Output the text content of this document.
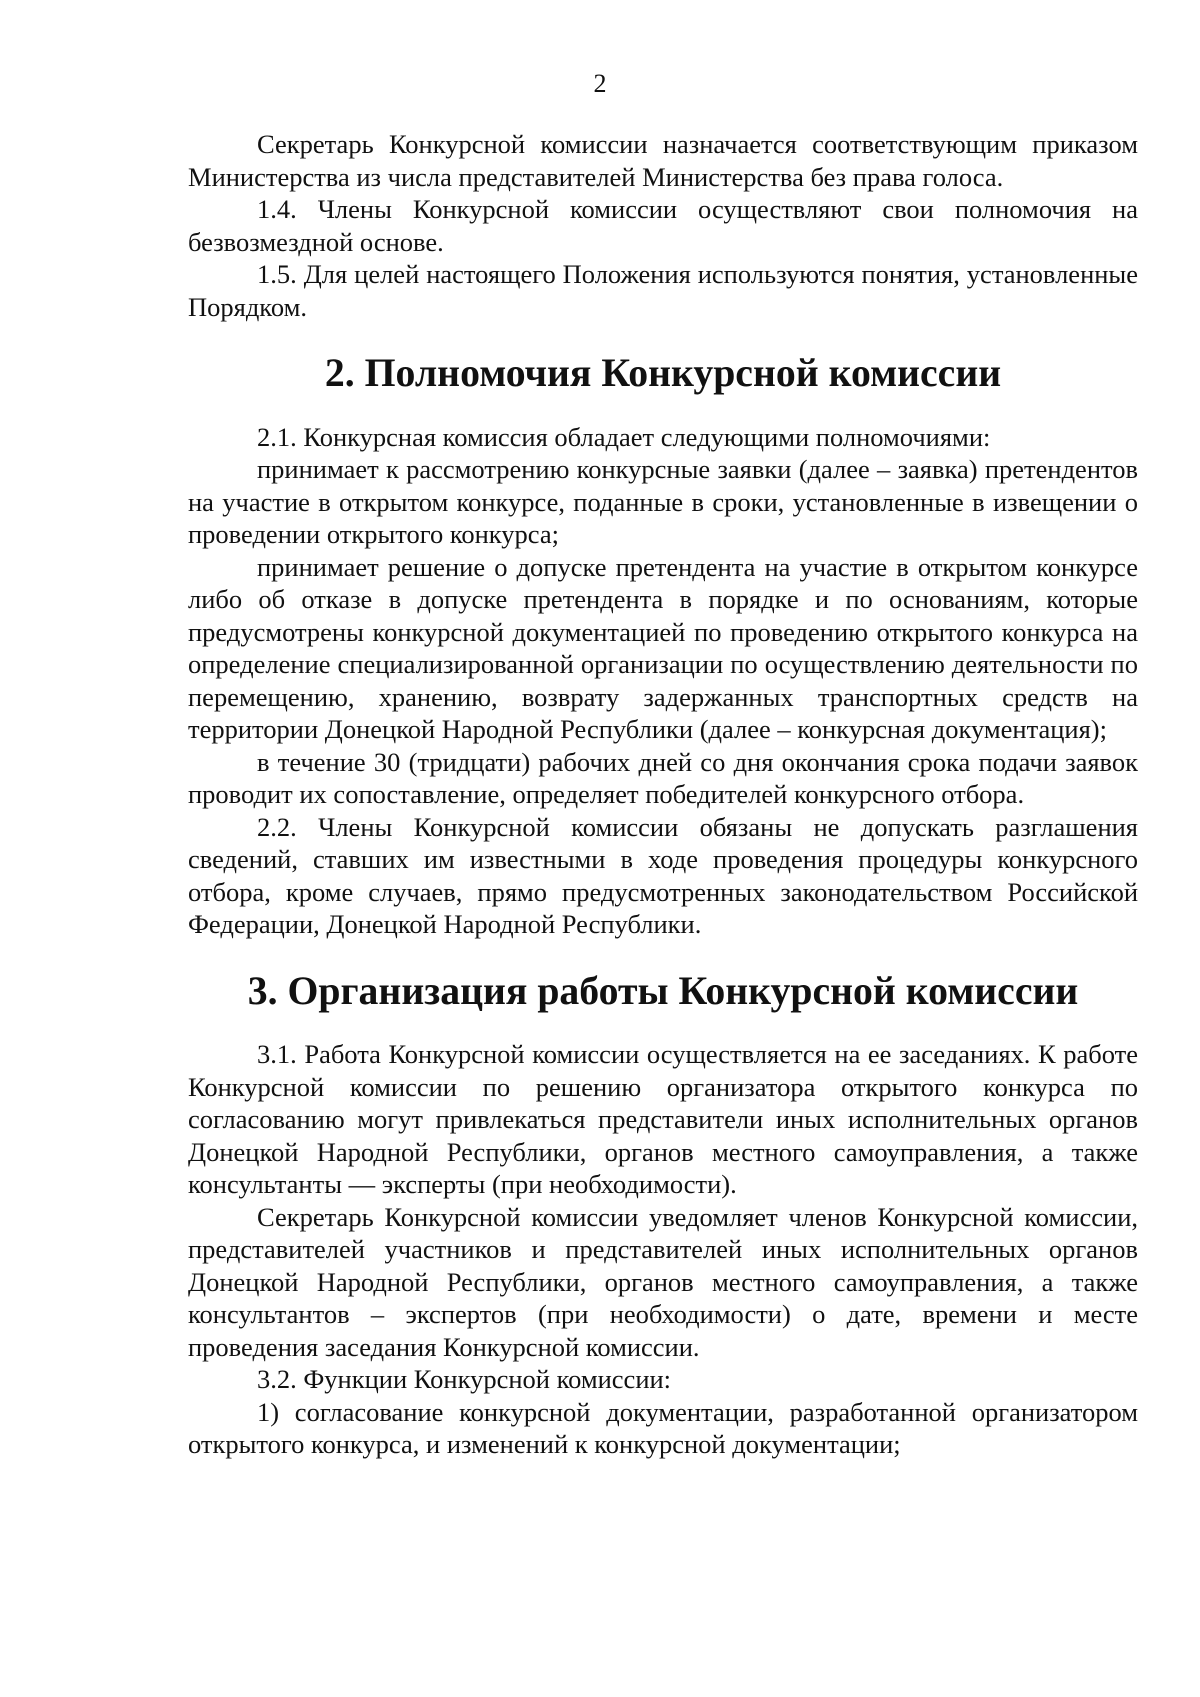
2

Секретарь Конкурсной комиссии назначается соответствующим приказом Министерства из числа представителей Министерства без права голоса.

1.4. Члены Конкурсной комиссии осуществляют свои полномочия на безвозмездной основе.

1.5. Для целей настоящего Положения используются понятия, установленные Порядком.

2. Полномочия Конкурсной комиссии

2.1. Конкурсная комиссия обладает следующими полномочиями:

принимает к рассмотрению конкурсные заявки (далее – заявка) претендентов на участие в открытом конкурсе, поданные в сроки, установленные в извещении о проведении открытого конкурса;

принимает решение о допуске претендента на участие в открытом конкурсе либо об отказе в допуске претендента в порядке и по основаниям, которые предусмотрены конкурсной документацией по проведению открытого конкурса на определение специализированной организации по осуществлению деятельности по перемещению, хранению, возврату задержанных транспортных средств на территории Донецкой Народной Республики (далее – конкурсная документация);

в течение 30 (тридцати) рабочих дней со дня окончания срока подачи заявок проводит их сопоставление, определяет победителей конкурсного отбора.

2.2. Члены Конкурсной комиссии обязаны не допускать разглашения сведений, ставших им известными в ходе проведения процедуры конкурсного отбора, кроме случаев, прямо предусмотренных законодательством Российской Федерации, Донецкой Народной Республики.

3. Организация работы Конкурсной комиссии

3.1. Работа Конкурсной комиссии осуществляется на ее заседаниях. К работе Конкурсной комиссии по решению организатора открытого конкурса по согласованию могут привлекаться представители иных исполнительных органов Донецкой Народной Республики, органов местного самоуправления, а также консультанты — эксперты (при необходимости).

Секретарь Конкурсной комиссии уведомляет членов Конкурсной комиссии, представителей участников и представителей иных исполнительных органов Донецкой Народной Республики, органов местного самоуправления, а также консультантов – экспертов (при необходимости) о дате, времени и месте проведения заседания Конкурсной комиссии.

3.2. Функции Конкурсной комиссии:

1) согласование конкурсной документации, разработанной организатором открытого конкурса, и изменений к конкурсной документации;
